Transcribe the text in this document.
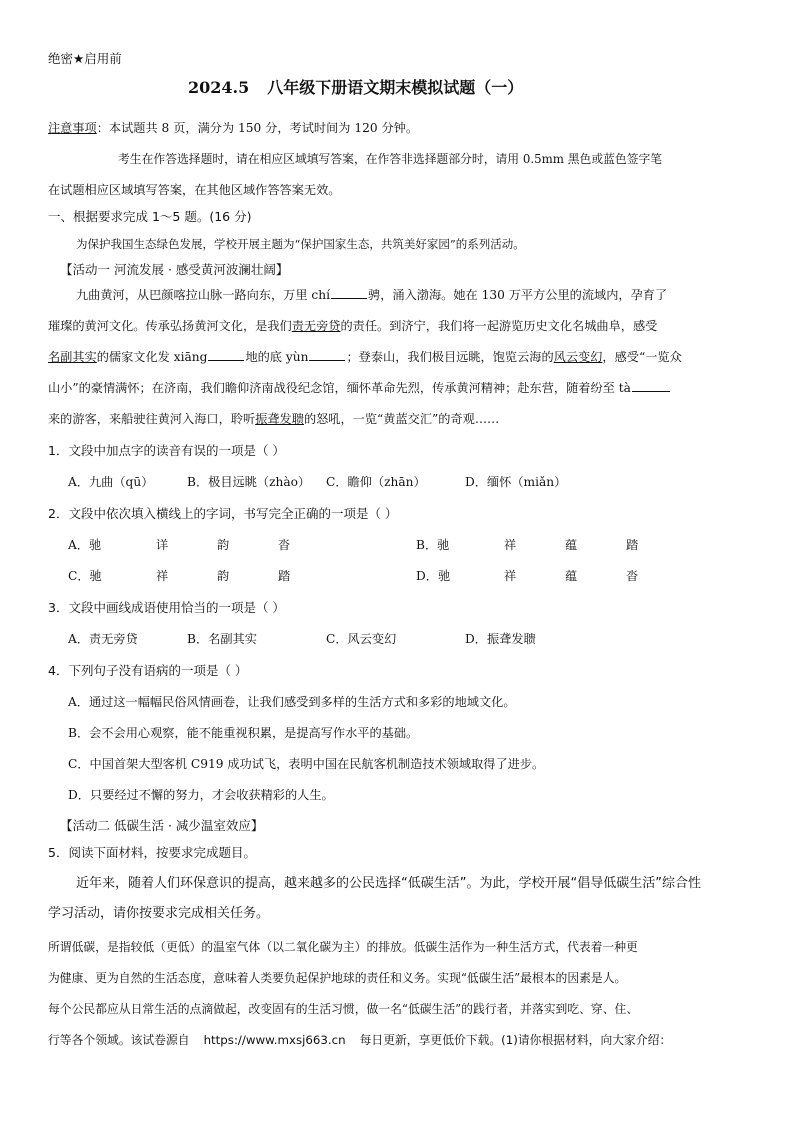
绝密★启用前
2024.5 八年级下册语文期末模拟试题（一）
注意事项：本试题共 8 页，满分为 150 分，考试时间为 120 分钟。
考生在作答选择题时，请在相应区域填写答案，在作答非选择题部分时，请用 0.5mm 黑色或蓝色签字笔
在试题相应区域填写答案，在其他区域作答答案无效。
一、根据要求完成 1～5 题。(16 分)
为保护我国生态绿色发展，学校开展主题为“保护国家生态，共筑美好家园”的系列活动。
【活动一 河流发展 · 感受黄河波澜壮阔】
九曲黄河，从巴颜喀拉山脉一路向东，万里 chí	骋，涌入渤海。她在 130 万平方公里的流域内，孕育了
璀璨的黄河文化。传承弘扬黄河文化，是我们责无旁贷的责任。到济宁，我们将一起游览历史文化名城曲阜，感受
名副其实的儒家文化发 xiāng	地的底 yùn	；登泰山，我们极目远眺，饱览云海的风云变幻，感受“一览众
山小”的豪情满怀；在济南，我们瞻仰济南战役纪念馆，缅怀革命先烈，传承黄河精神；赴东营，随着纷至 tà
来的游客，来船驶往黄河入海口，聆听振聋发聩的怒吼，一览“黄蓝交汇”的奇观……
1．文段中加点字的读音有误的一项是（ ）
A．九曲（qū）	B．极目远眺（zhào） C．瞻仰（zhān）	D．缅怀（miǎn）
2．文段中依次填入横线上的字词，书写完全正确的一项是（ ）
A．驰	详	韵	沓	B．驰	祥	蕴	踏
C．驰	祥	韵	踏	D．驰	祥	蕴	沓
3．文段中画线成语使用恰当的一项是（ ）
A．责无旁贷	B．名副其实	C．风云变幻	D．振聋发聩
4．下列句子没有语病的一项是（ ）
A．通过这一幅幅民俗风情画卷，让我们感受到多样的生活方式和多彩的地域文化。
B．会不会用心观察，能不能重视积累，是提高写作水平的基础。
C．中国首架大型客机 C919 成功试飞，表明中国在民航客机制造技术领域取得了进步。
D．只要经过不懈的努力，才会收获精彩的人生。
【活动二 低碳生活 · 减少温室效应】
5．阅读下面材料，按要求完成题目。
近年来，随着人们环保意识的提高，越来越多的公民选择“低碳生活”。为此，学校开展“倡导低碳生活”综合性
学习活动，请你按要求完成相关任务。
所谓低碳，是指较低（更低）的温室气体（以二氧化碳为主）的排放。低碳生活作为一种生活方式，代表着一种更
为健康、更为自然的生活态度，意味着人类要负起保护地球的责任和义务。实现“低碳生活”最根本的因素是人。
每个公民都应从日常生活的点滴做起，改变固有的生活习惯，做一名“低碳生活”的践行者，并落实到吃、穿、住、
行等各个领域。该试卷源自 https://www.mxsj663.cn 每日更新，享更低价下载。(1)请你根据材料，向大家介绍：
